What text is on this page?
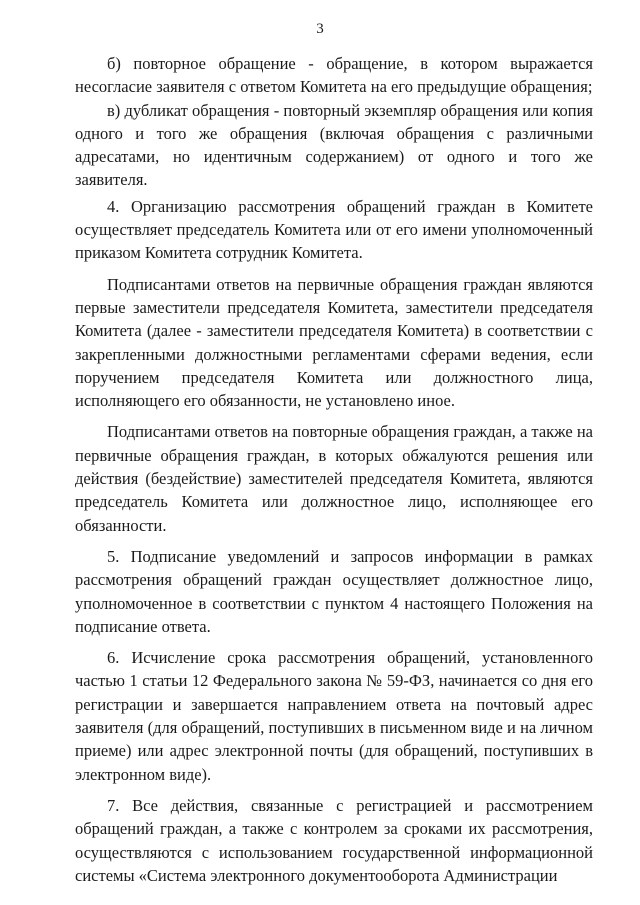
3

б) повторное обращение - обращение, в котором выражается несогласие заявителя с ответом Комитета на его предыдущие обращения;

в) дубликат обращения - повторный экземпляр обращения или копия одного и того же обращения (включая обращения с различными адресатами, но идентичным содержанием) от одного и того же заявителя.

4. Организацию рассмотрения обращений граждан в Комитете осуществляет председатель Комитета или от его имени уполномоченный приказом Комитета сотрудник Комитета.

Подписантами ответов на первичные обращения граждан являются первые заместители председателя Комитета, заместители председателя Комитета (далее - заместители председателя Комитета) в соответствии с закрепленными должностными регламентами сферами ведения, если поручением председателя Комитета или должностного лица, исполняющего его обязанности, не установлено иное.

Подписантами ответов на повторные обращения граждан, а также на первичные обращения граждан, в которых обжалуются решения или действия (бездействие) заместителей председателя Комитета, являются председатель Комитета или должностное лицо, исполняющее его обязанности.

5. Подписание уведомлений и запросов информации в рамках рассмотрения обращений граждан осуществляет должностное лицо, уполномоченное в соответствии с пунктом 4 настоящего Положения на подписание ответа.

6. Исчисление срока рассмотрения обращений, установленного частью 1 статьи 12 Федерального закона № 59-ФЗ, начинается со дня его регистрации и завершается направлением ответа на почтовый адрес заявителя (для обращений, поступивших в письменном виде и на личном приеме) или адрес электронной почты (для обращений, поступивших в электронном виде).

7. Все действия, связанные с регистрацией и рассмотрением обращений граждан, а также с контролем за сроками их рассмотрения, осуществляются с использованием государственной информационной системы «Система электронного документооборота Администрации
